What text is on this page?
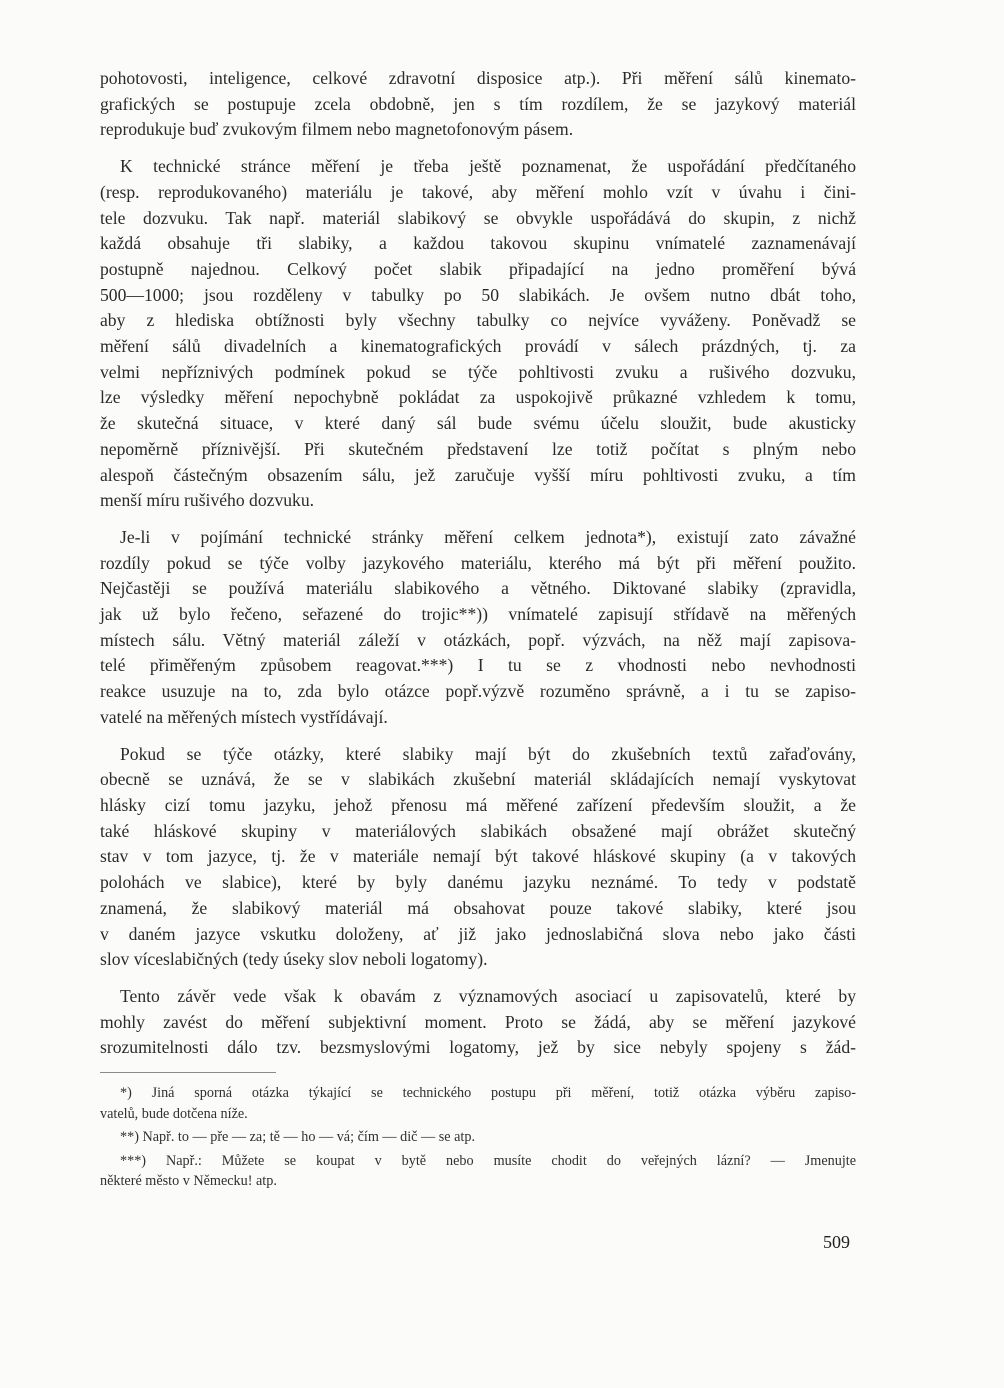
pohotovosti, inteligence, celkové zdravotní disposice atp.). Při měření sálů kinemato-
grafických se postupuje zcela obdobně, jen s tím rozdílem, že se jazykový materiál
reprodukuje buď zvukovým filmem nebo magnetofonovým pásem.
K technické stránce měření je třeba ještě poznamenat, že uspořádání předčítaného
(resp. reprodukovaného) materiálu je takové, aby měření mohlo vzít v úvahu i čini-
tele dozvuku. Tak např. materiál slabikový se obvykle uspořádává do skupin, z nichž
každá obsahuje tři slabiky, a každou takovou skupinu vnímatelé zaznamenávají
postupně najednou. Celkový počet slabik připadající na jedno proměření bývá
500—1000; jsou rozděleny v tabulky po 50 slabikách. Je ovšem nutno dbát toho,
aby z hlediska obtížnosti byly všechny tabulky co nejvíce vyváženy. Poněvadž se
měření sálů divadelních a kinematografických provádí v sálech prázdných, tj. za
velmi nepříznivých podmínek pokud se týče pohltivosti zvuku a rušivého dozvuku,
lze výsledky měření nepochybně pokládat za uspokojivě průkazné vzhledem k tomu,
že skutečná situace, v které daný sál bude svému účelu sloužit, bude akusticky
nepoměrně příznivější. Při skutečném představení lze totiž počítat s plným nebo
alespoň částečným obsazením sálu, jež zaručuje vyšší míru pohltivosti zvuku, a tím
menší míru rušivého dozvuku.
Je-li v pojímání technické stránky měření celkem jednota*), existují zato závažné
rozdíly pokud se týče volby jazykového materiálu, kterého má být při měření použito.
Nejčastěji se používá materiálu slabikového a větného. Diktované slabiky (zpravidla,
jak už bylo řečeno, seřazené do trojic**)) vnímatelé zapisují střídavě na měřených
místech sálu. Větný materiál záleží v otázkách, popř. výzvách, na něž mají zapisova-
telé přiměřeným způsobem reagovat.***) I tu se z vhodnosti nebo nevhodnosti
reakce usuzuje na to, zda bylo otázce popř.výzvě rozuměno správně, a i tu se zapiso-
vatelé na měřených místech vystřídávají.
Pokud se týče otázky, které slabiky mají být do zkušebních textů zařaďovány,
obecně se uznává, že se v slabikách zkušební materiál skládajících nemají vyskytovat
hlásky cizí tomu jazyku, jehož přenosu má měřené zařízení především sloužit, a že
také hláskové skupiny v materiálových slabikách obsažené mají obrážet skutečný
stav v tom jazyce, tj. že v materiále nemají být takové hláskové skupiny (a v takových
polohách ve slabice), které by byly danému jazyku neznámé. To tedy v podstatě
znamená, že slabikový materiál má obsahovat pouze takové slabiky, které jsou
v daném jazyce vskutku doloženy, ať již jako jednoslabičná slova nebo jako části
slov víceslabičných (tedy úseky slov neboli logatomy).
Tento závěr vede však k obavám z významových asociací u zapisovatelů, které by
mohly zavést do měření subjektivní moment. Proto se žádá, aby se měření jazykové
srozumitelnosti dálo tzv. bezsmyslovými logatomy, jež by sice nebyly spojeny s žád-
*) Jiná sporná otázka týkající se technického postupu při měření, totiž otázka výběru zapiso-
vatelů, bude dotčena níže.
**) Např. to — pře — za; tě — ho — vá; čím — dič — se atp.
***) Např.: Můžete se koupat v bytě nebo musíte chodit do veřejných lázní? — Jmenujte
některé město v Německu! atp.
509
